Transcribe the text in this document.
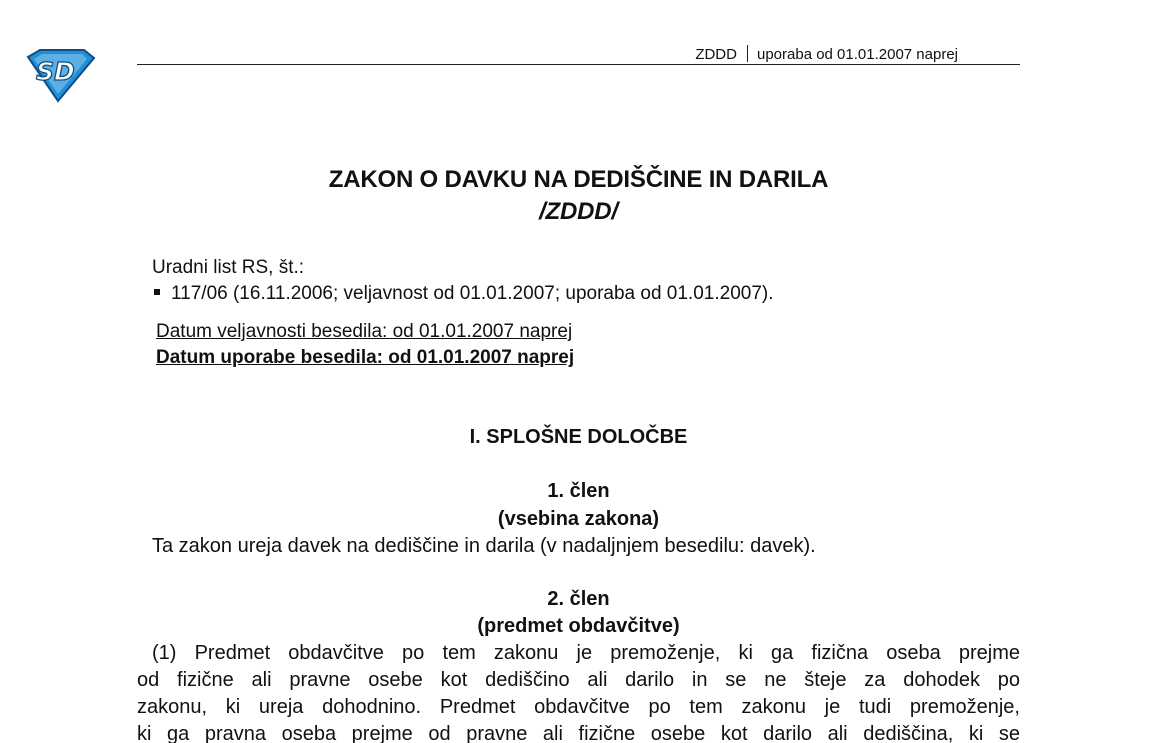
SD
ZDDD uporaba od 01.01.2007 naprej
ZAKON O DAVKU NA DEDIŠČINE IN DARILA
/ZDDD/
Uradni list RS, št.:
117/06 (16.11.2006; veljavnost od 01.01.2007; uporaba od 01.01.2007).
Datum veljavnosti besedila: od 01.01.2007 naprej
Datum uporabe besedila: od 01.01.2007 naprej
I. SPLOŠNE DOLOČBE
1. člen
(vsebina zakona)
Ta zakon ureja davek na dediščine in darila (v nadaljnjem besedilu: davek).
2. člen
(predmet obdavčitve)
(1) Predmet obdavčitve po tem zakonu je premoženje, ki ga fizična oseba prejme
od fizične ali pravne osebe kot dediščino ali darilo in se ne šteje za dohodek po
zakonu, ki ureja dohodnino. Predmet obdavčitve po tem zakonu je tudi premoženje,
ki ga pravna oseba prejme od pravne ali fizične osebe kot darilo ali dediščina, ki se
